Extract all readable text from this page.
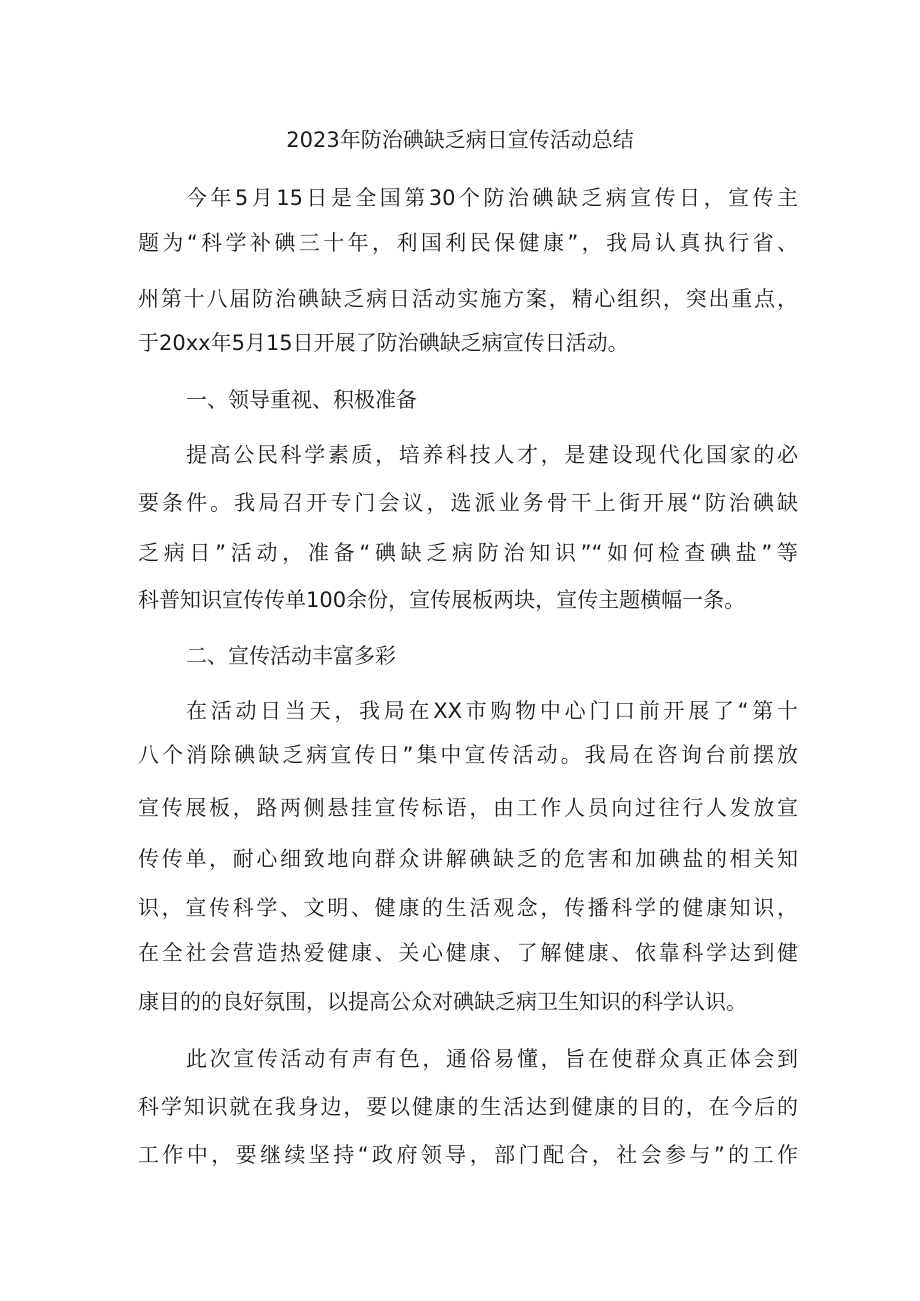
2023年防治碘缺乏病日宣传活动总结
今年5月15日是全国第30个防治碘缺乏病宣传日，宣传主
题为“科学补碘三十年，利国利民保健康”，我局认真执行省、
州第十八届防治碘缺乏病日活动实施方案，精心组织，突出重点，
于20xx年5月15日开展了防治碘缺乏病宣传日活动。
一、领导重视、积极准备
提高公民科学素质，培养科技人才，是建设现代化国家的必
要条件。我局召开专门会议，选派业务骨干上街开展“防治碘缺
乏病日”活动，准备“碘缺乏病防治知识”“如何检查碘盐”等
科普知识宣传传单100余份，宣传展板两块，宣传主题横幅一条。
二、宣传活动丰富多彩
在活动日当天，我局在XX市购物中心门口前开展了“第十
八个消除碘缺乏病宣传日”集中宣传活动。我局在咨询台前摆放
宣传展板，路两侧悬挂宣传标语，由工作人员向过往行人发放宣
传传单，耐心细致地向群众讲解碘缺乏的危害和加碘盐的相关知
识，宣传科学、文明、健康的生活观念，传播科学的健康知识，
在全社会营造热爱健康、关心健康、了解健康、依靠科学达到健
康目的的良好氛围，以提高公众对碘缺乏病卫生知识的科学认识。
此次宣传活动有声有色，通俗易懂，旨在使群众真正体会到
科学知识就在我身边，要以健康的生活达到健康的目的，在今后的
工作中，要继续坚持“政府领导，部门配合，社会参与”的工作
